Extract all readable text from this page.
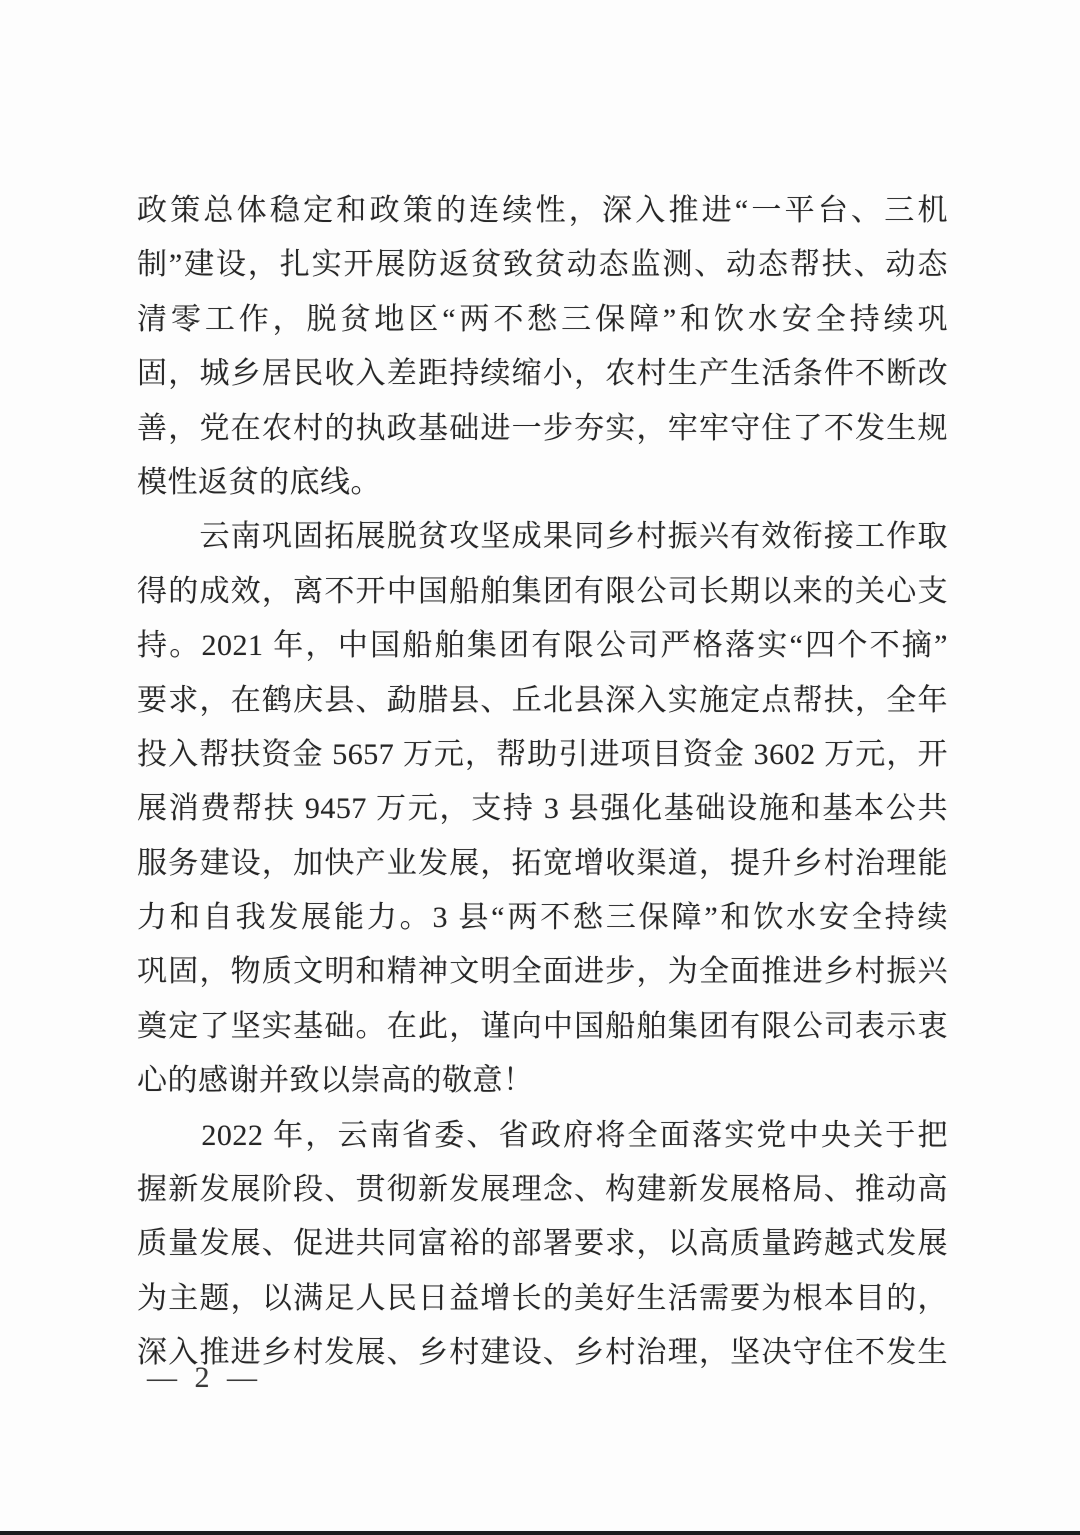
政策总体稳定和政策的连续性，深入推进“一平台、三机
制”建设，扎实开展防返贫致贫动态监测、动态帮扶、动态
清零工作，脱贫地区“两不愁三保障”和饮水安全持续巩
固，城乡居民收入差距持续缩小，农村生产生活条件不断改
善，党在农村的执政基础进一步夯实，牢牢守住了不发生规
模性返贫的底线。
　　云南巩固拓展脱贫攻坚成果同乡村振兴有效衔接工作取
得的成效，离不开中国船舶集团有限公司长期以来的关心支
持。2021 年，中国船舶集团有限公司严格落实“四个不摘”
要求，在鹤庆县、勐腊县、丘北县深入实施定点帮扶，全年
投入帮扶资金 5657 万元，帮助引进项目资金 3602 万元，开
展消费帮扶 9457 万元，支持 3 县强化基础设施和基本公共
服务建设，加快产业发展，拓宽增收渠道，提升乡村治理能
力和自我发展能力。3 县“两不愁三保障”和饮水安全持续
巩固，物质文明和精神文明全面进步，为全面推进乡村振兴
奠定了坚实基础。在此，谨向中国船舶集团有限公司表示衷
心的感谢并致以崇高的敬意！
　　2022 年，云南省委、省政府将全面落实党中央关于把
握新发展阶段、贯彻新发展理念、构建新发展格局、推动高
质量发展、促进共同富裕的部署要求，以高质量跨越式发展
为主题，以满足人民日益增长的美好生活需要为根本目的，
深入推进乡村发展、乡村建设、乡村治理，坚决守住不发生
— 2 —
